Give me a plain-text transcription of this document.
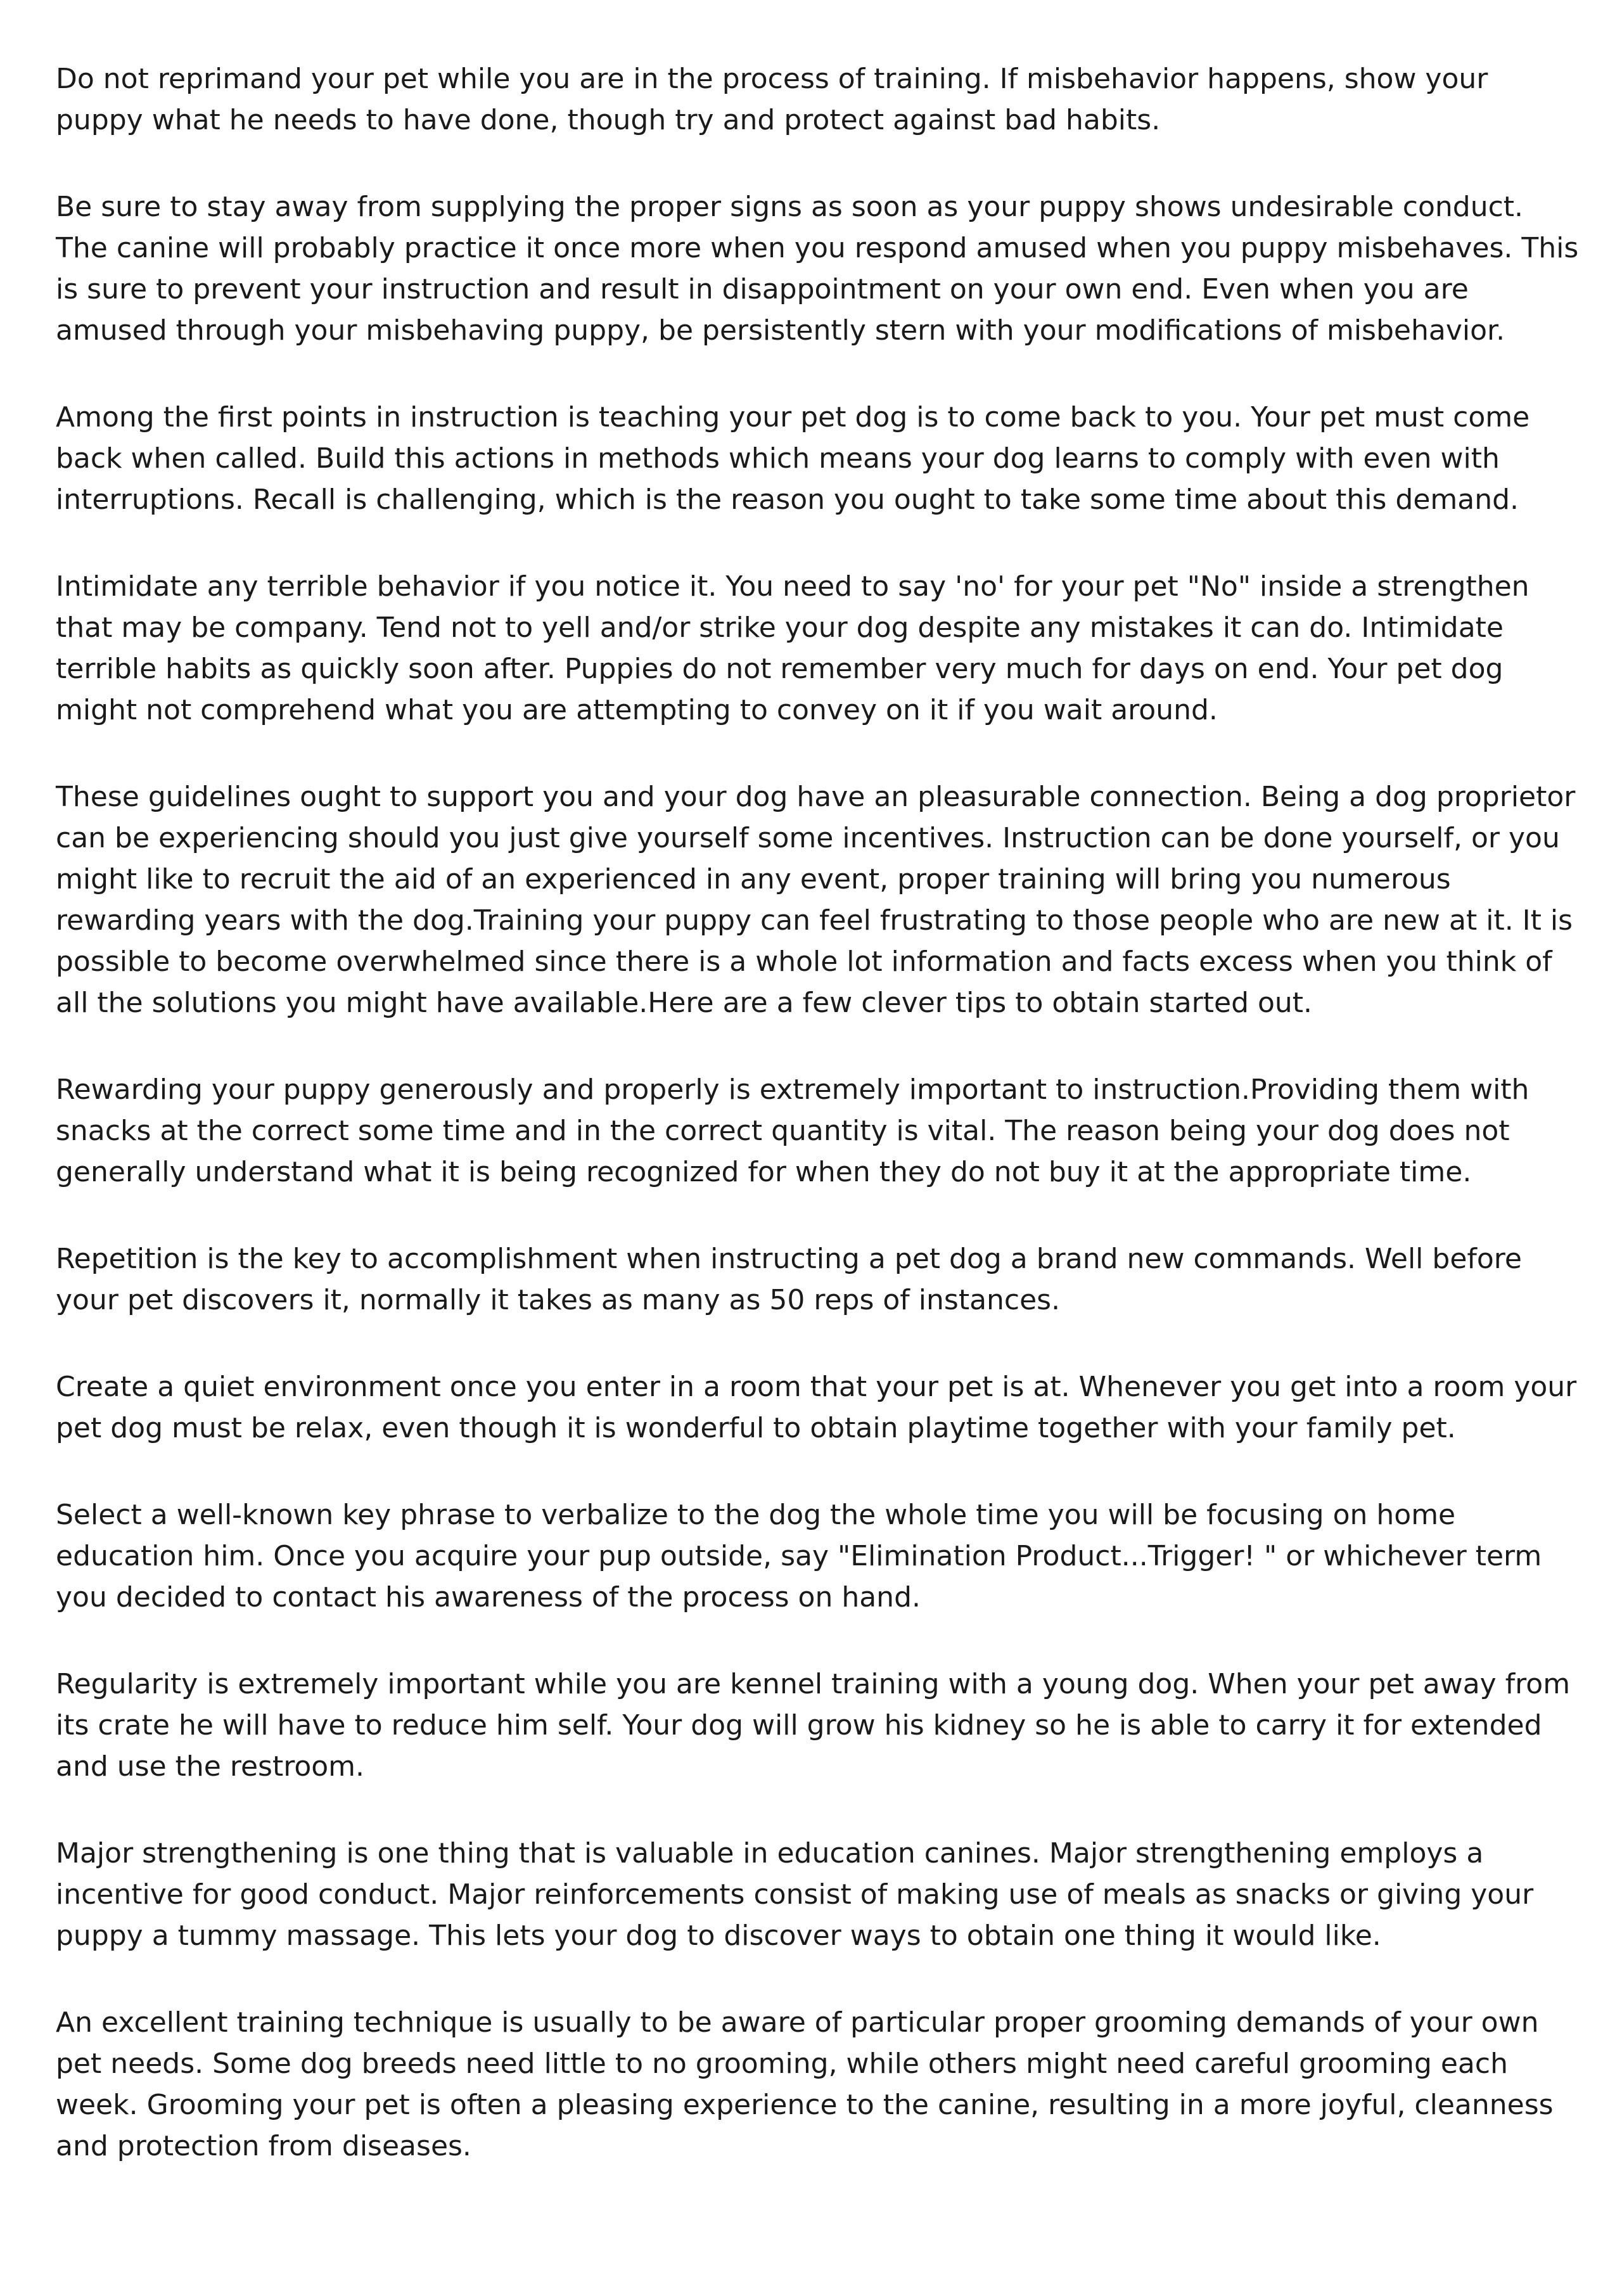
Do not reprimand your pet while you are in the process of training. If misbehavior happens, show your puppy what he needs to have done, though try and protect against bad habits.

Be sure to stay away from supplying the proper signs as soon as your puppy shows undesirable conduct. The canine will probably practice it once more when you respond amused when you puppy misbehaves. This is sure to prevent your instruction and result in disappointment on your own end. Even when you are amused through your misbehaving puppy, be persistently stern with your modifications of misbehavior.

Among the first points in instruction is teaching your pet dog is to come back to you. Your pet must come back when called. Build this actions in methods which means your dog learns to comply with even with interruptions. Recall is challenging, which is the reason you ought to take some time about this demand.

Intimidate any terrible behavior if you notice it. You need to say 'no' for your pet "No" inside a strengthen that may be company. Tend not to yell and/or strike your dog despite any mistakes it can do. Intimidate terrible habits as quickly soon after. Puppies do not remember very much for days on end. Your pet dog might not comprehend what you are attempting to convey on it if you wait around.

These guidelines ought to support you and your dog have an pleasurable connection. Being a dog proprietor can be experiencing should you just give yourself some incentives. Instruction can be done yourself, or you might like to recruit the aid of an experienced in any event, proper training will bring you numerous rewarding years with the dog.Training your puppy can feel frustrating to those people who are new at it. It is possible to become overwhelmed since there is a whole lot information and facts excess when you think of all the solutions you might have available.Here are a few clever tips to obtain started out.

Rewarding your puppy generously and properly is extremely important to instruction.Providing them with snacks at the correct some time and in the correct quantity is vital. The reason being your dog does not generally understand what it is being recognized for when they do not buy it at the appropriate time.

Repetition is the key to accomplishment when instructing a pet dog a brand new commands. Well before your pet discovers it, normally it takes as many as 50 reps of instances.

Create a quiet environment once you enter in a room that your pet is at. Whenever you get into a room your pet dog must be relax, even though it is wonderful to obtain playtime together with your family pet.

Select a well-known key phrase to verbalize to the dog the whole time you will be focusing on home education him. Once you acquire your pup outside, say "Elimination Product...Trigger! " or whichever term you decided to contact his awareness of the process on hand.

Regularity is extremely important while you are kennel training with a young dog. When your pet away from its crate he will have to reduce him self. Your dog will grow his kidney so he is able to carry it for extended and use the restroom.

Major strengthening is one thing that is valuable in education canines. Major strengthening employs a incentive for good conduct. Major reinforcements consist of making use of meals as snacks or giving your puppy a tummy massage. This lets your dog to discover ways to obtain one thing it would like.

An excellent training technique is usually to be aware of particular proper grooming demands of your own pet needs. Some dog breeds need little to no grooming, while others might need careful grooming each week. Grooming your pet is often a pleasing experience to the canine, resulting in a more joyful, cleanness and protection from diseases.
